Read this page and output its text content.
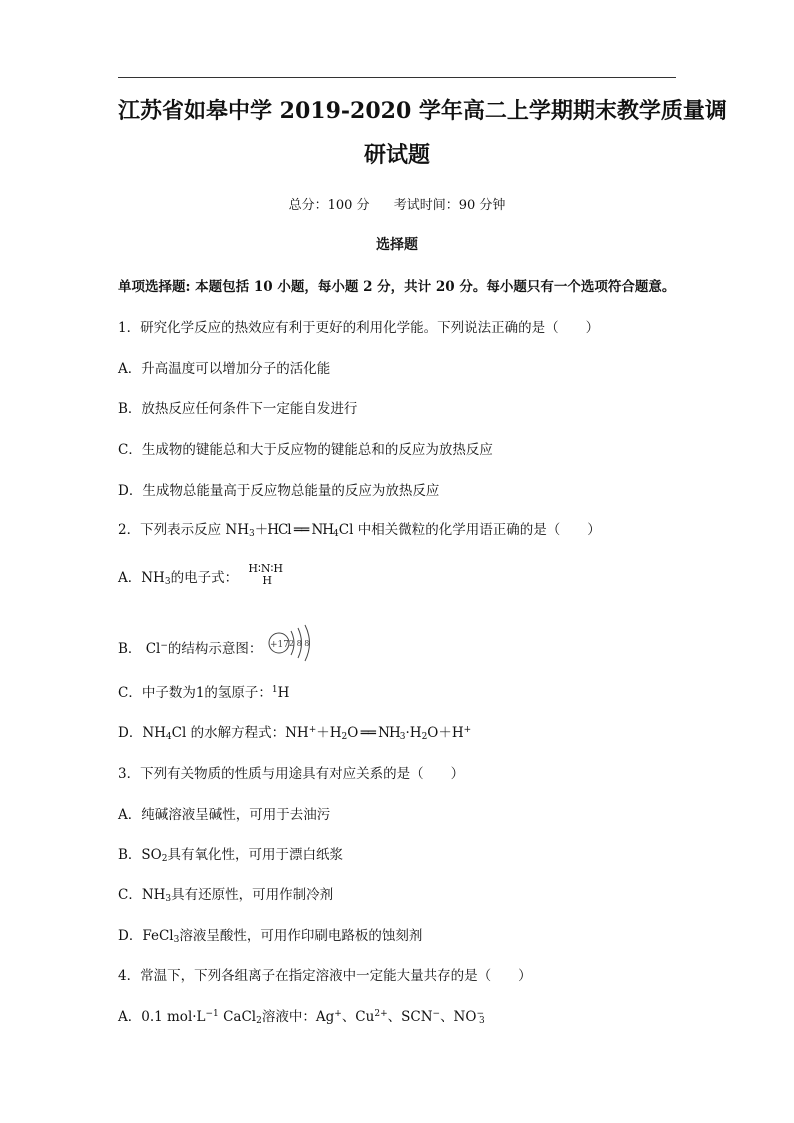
江苏省如皋中学 2019-2020 学年高二上学期期末教学质量调
研试题
总分：100 分 考试时间：90 分钟
选择题
单项选择题: 本题包括 10 小题，每小题 2 分，共计 20 分。每小题只有一个选项符合题意。
1．研究化学反应的热效应有利于更好的利用化学能。下列说法正确的是（　　）
A．升高温度可以增加分子的活化能
B．放热反应任何条件下一定能自发进行
C．生成物的键能总和大于反应物的键能总和的反应为放热反应
D．生成物总能量高于反应物总能量的反应为放热反应
2．下列表示反应 $NH_3+HCl$ ══ $NH_4Cl$ 中相关微粒的化学用语正确的是（　　）
A．$NH_3$的电子式：
H∶N∶H
H
B． Cl−的结构示意图： +17 2 8 8
C．中子数为1的氢原子：$^1$H
D．$NH_4Cl$ 的水解方程式：$NH^++H_2O$ ══ $NH_3\cdot H_2O+H^+$
3．下列有关物质的性质与用途具有对应关系的是（　　）
A．纯碱溶液呈碱性，可用于去油污
B．$SO_2$具有氧化性，可用于漂白纸浆
C．$NH_3$具有还原性，可用作制冷剂
D．FeCl$_3$溶液呈酸性，可用作印刷电路板的蚀刻剂
4．常温下，下列各组离子在指定溶液中一定能大量共存的是（　　）
A．0.1 $mol\cdot L^{-1}$ CaCl$_2$溶液中：Ag+、$Cu^{2+}$、SCN−、$NO^-_3$
